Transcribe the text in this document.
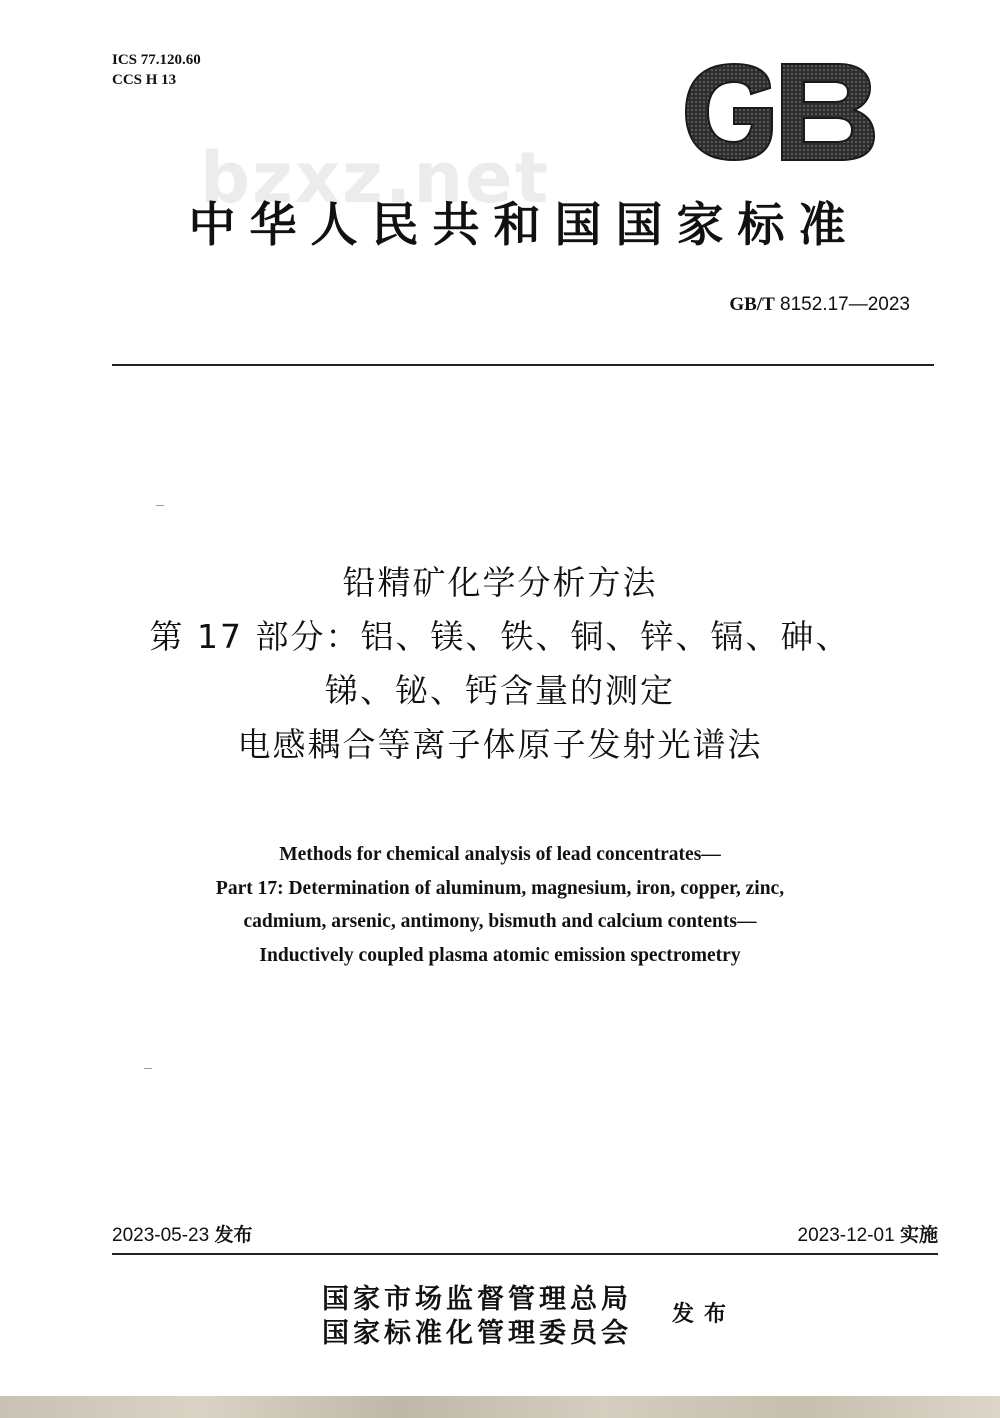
ICS 77.120.60
CCS H 13
bzxz.net
中华人民共和国国家标准
GB/T 8152.17—2023
铅精矿化学分析方法
第 17 部分：铝、镁、铁、铜、锌、镉、砷、
锑、铋、钙含量的测定
电感耦合等离子体原子发射光谱法
Methods for chemical analysis of lead concentrates—
Part 17: Determination of aluminum, magnesium, iron, copper, zinc,
cadmium, arsenic, antimony, bismuth and calcium contents—
Inductively coupled plasma atomic emission spectrometry
2023-05-23 发布	2023-12-01 实施
国家市场监督管理总局
国家标准化管理委员会
发布
